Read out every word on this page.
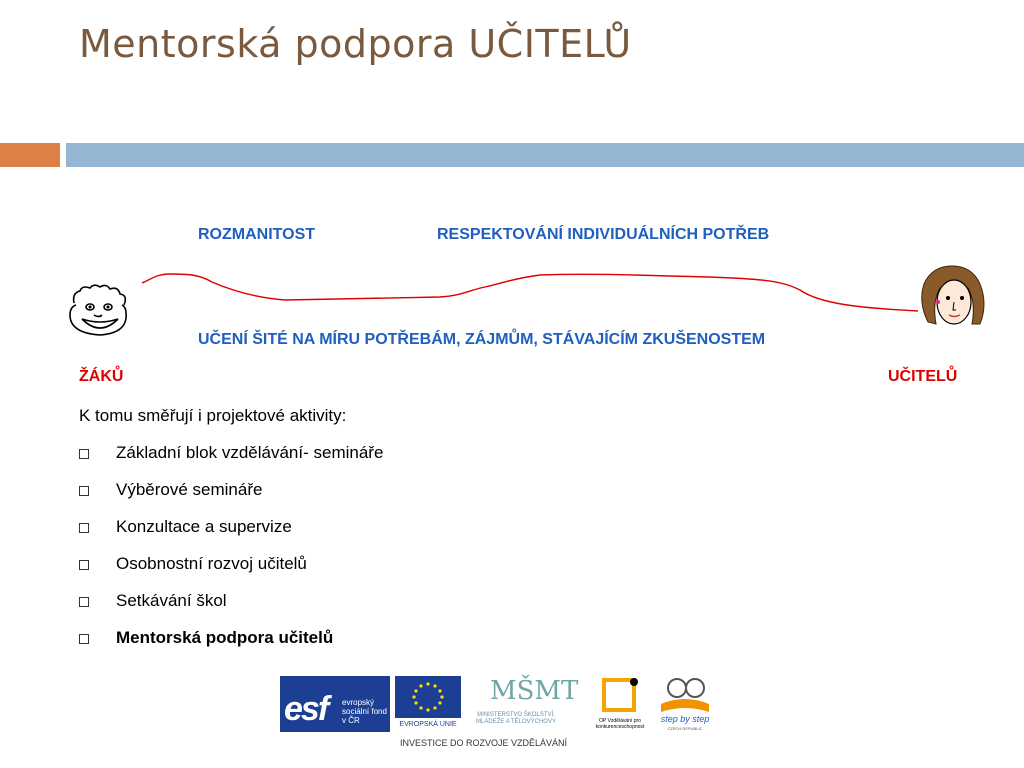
Mentorská podpora UČITELŮ
ROZMANITOST	RESPEKTOVÁNÍ INDIVIDUÁLNÍCH POTŘEB
UČENÍ ŠITÉ NA MÍRU POTŘEBÁM, ZÁJMŮM, STÁVAJÍCÍM ZKUŠENOSTEM
ŽÁKŮ	UČITELŮ
K tomu směřují i projektové aktivity:
Základní blok vzdělávání- semináře
Výběrové semináře
Konzultace a supervize
Osobnostní rozvoj učitelů
Setkávání škol
Mentorská podpora učitelů
esf evropský sociální fond v ČR	EVROPSKÁ UNIE
MŠMT
MINISTERSTVO ŠKOLSTVÍ, MLÁDEŽE A TĚLOVÝCHOVY	OP Vzdělávání pro konkurenceschopnost
step by step
CZECH REPUBLIC
INVESTICE DO ROZVOJE VZDĚLÁVÁNÍ
